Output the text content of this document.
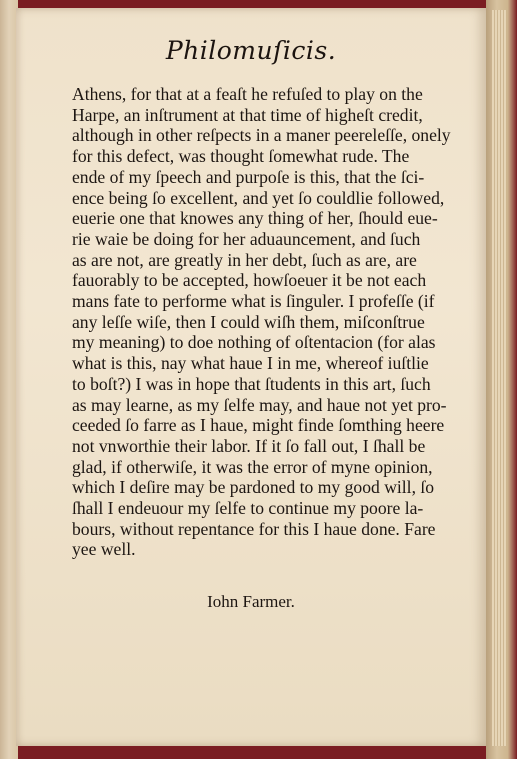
Philomuſicis.
Athens, for that at a feaſt he refuſed to play on the
Harpe, an inſtrument at that time of higheſt credit,
although in other reſpects in a maner peereleſſe, onely
for this defect, was thought ſomewhat rude. The
ende of my ſpeech and purpoſe is this, that the ſci-
ence being ſo excellent, and yet ſo couldlie followed,
euerie one that knowes any thing of her, ſhould eue-
rie waie be doing for her aduauncement, and ſuch
as are not, are greatly in her debt, ſuch as are, are
fauorably to be accepted, howſoeuer it be not each
mans fate to performe what is ſinguler. I profeſſe (if
any leſſe wiſe, then I could wiſh them, miſconſtrue
my meaning) to doe nothing of oſtentacion (for alas
what is this, nay what haue I in me, whereof iuſtlie
to boſt?) I was in hope that ſtudents in this art, ſuch
as may learne, as my ſelfe may, and haue not yet pro-
ceeded ſo farre as I haue, might finde ſomthing heere
not vnworthie their labor. If it ſo fall out, I ſhall be
glad, if otherwiſe, it was the error of myne opinion,
which I deſire may be pardoned to my good will, ſo
ſhall I endeuour my ſelfe to continue my poore la-
bours, without repentance for this I haue done. Fare
yee well.
Iohn Farmer.
